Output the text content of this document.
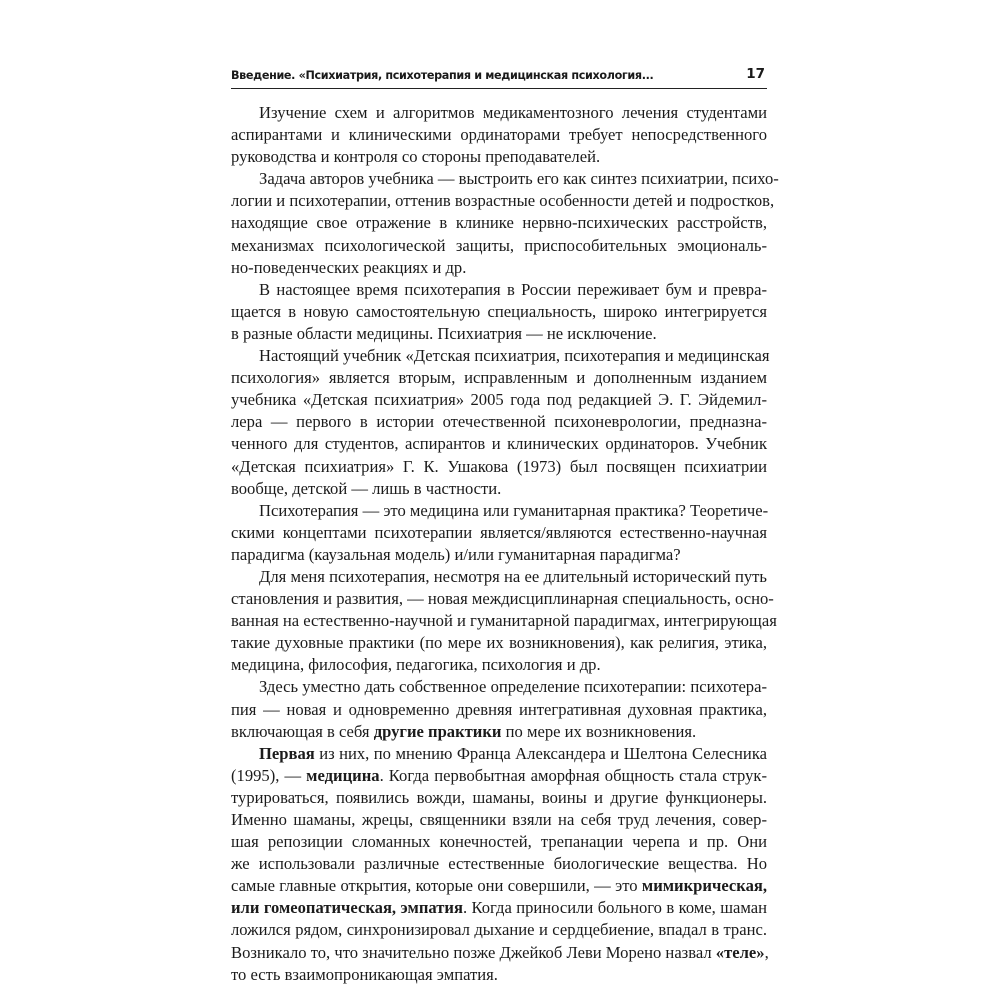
Введение. «Психиатрия, психотерапия и медицинская психология...	17
Изучение схем и алгоритмов медикаментозного лечения студентами
аспирантами и клиническими ординаторами требует непосредственного
руководства и контроля со стороны преподавателей.
Задача авторов учебника — выстроить его как синтез психиатрии, психо-
логии и психотерапии, оттенив возрастные особенности детей и подростков,
находящие свое отражение в клинике нервно-психических расстройств,
механизмах психологической защиты, приспособительных эмоциональ-
но-поведенческих реакциях и др.
В настоящее время психотерапия в России переживает бум и превра-
щается в новую самостоятельную специальность, широко интегрируется
в разные области медицины. Психиатрия — не исключение.
Настоящий учебник «Детская психиатрия, психотерапия и медицинская
психология» является вторым, исправленным и дополненным изданием
учебника «Детская психиатрия» 2005 года под редакцией Э. Г. Эйдемил-
лера — первого в истории отечественной психоневрологии, предназна-
ченного для студентов, аспирантов и клинических ординаторов. Учебник
«Детская психиатрия» Г. К. Ушакова (1973) был посвящен психиатрии
вообще, детской — лишь в частности.
Психотерапия — это медицина или гуманитарная практика? Теоретиче-
скими концептами психотерапии является/являются естественно-научная
парадигма (каузальная модель) и/или гуманитарная парадигма?
Для меня психотерапия, несмотря на ее длительный исторический путь
становления и развития, — новая междисциплинарная специальность, осно-
ванная на естественно-научной и гуманитарной парадигмах, интегрирующая
такие духовные практики (по мере их возникновения), как религия, этика,
медицина, философия, педагогика, психология и др.
Здесь уместно дать собственное определение психотерапии: психотера-
пия — новая и одновременно древняя интегративная духовная практика,
включающая в себя другие практики по мере их возникновения.
Первая из них, по мнению Франца Александера и Шелтона Селесника
(1995), — медицина. Когда первобытная аморфная общность стала струк-
турироваться, появились вожди, шаманы, воины и другие функционеры.
Именно шаманы, жрецы, священники взяли на себя труд лечения, совер-
шая репозиции сломанных конечностей, трепанации черепа и пр. Они
же использовали различные естественные биологические вещества. Но
самые главные открытия, которые они совершили, — это мимикрическая,
или гомеопатическая, эмпатия. Когда приносили больного в коме, шаман
ложился рядом, синхронизировал дыхание и сердцебиение, впадал в транс.
Возникало то, что значительно позже Джейкоб Леви Морено назвал «теле»,
то есть взаимопроникающая эмпатия.
